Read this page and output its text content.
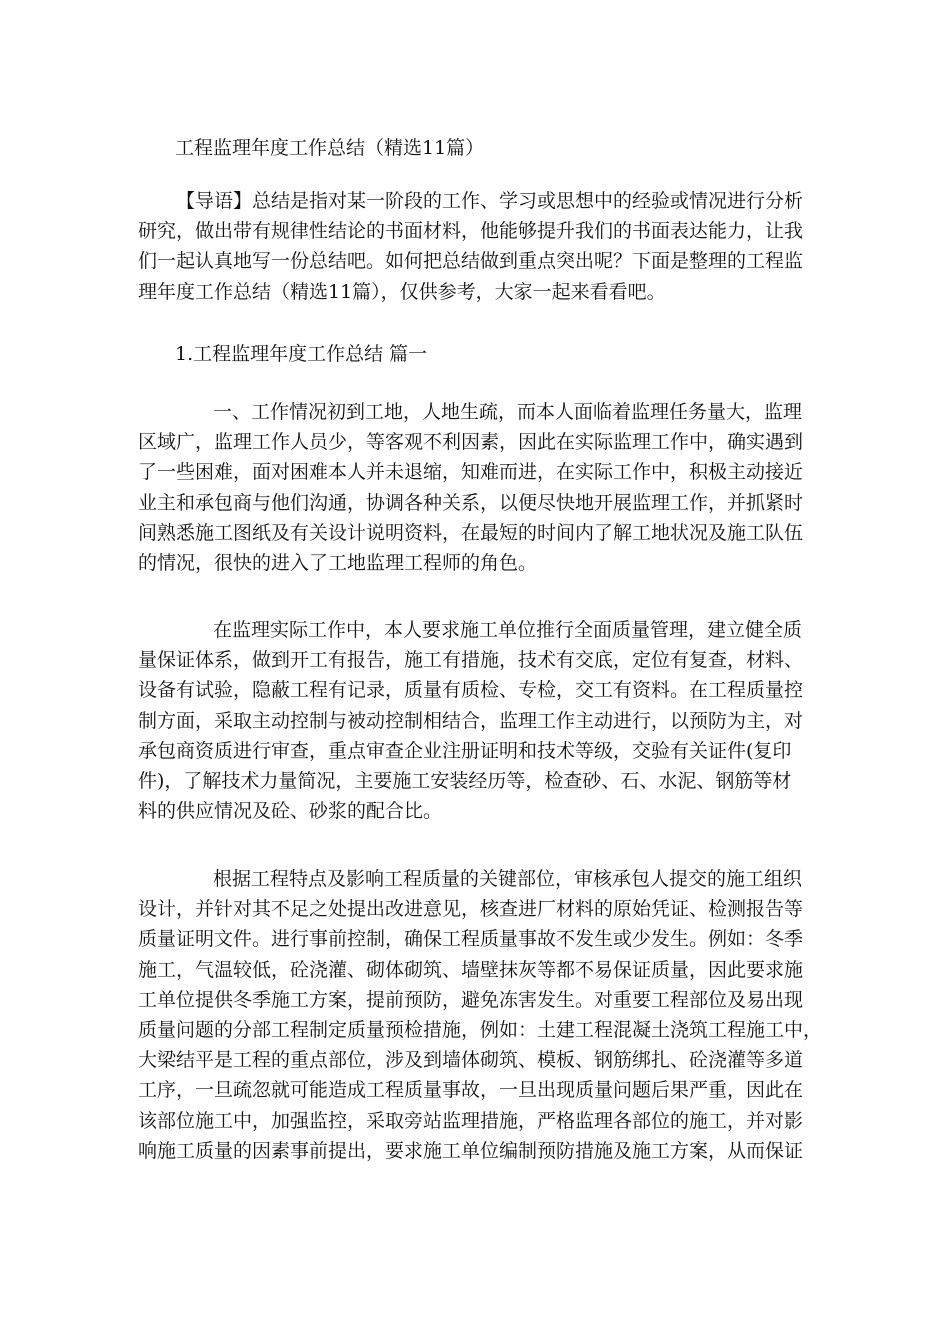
工程监理年度工作总结（精选11篇）

【导语】总结是指对某一阶段的工作、学习或思想中的经验或情况进行分析
研究，做出带有规律性结论的书面材料，他能够提升我们的书面表达能力，让我
们一起认真地写一份总结吧。如何把总结做到重点突出呢？下面是整理的工程监
理年度工作总结（精选11篇），仅供参考，大家一起来看看吧。

1.工程监理年度工作总结 篇一

一、工作情况初到工地，人地生疏，而本人面临着监理任务量大，监理
区域广，监理工作人员少，等客观不利因素，因此在实际监理工作中，确实遇到
了一些困难，面对困难本人并未退缩，知难而进，在实际工作中，积极主动接近
业主和承包商与他们沟通，协调各种关系，以便尽快地开展监理工作，并抓紧时
间熟悉施工图纸及有关设计说明资料，在最短的时间内了解工地状况及施工队伍
的情况，很快的进入了工地监理工程师的角色。

在监理实际工作中，本人要求施工单位推行全面质量管理，建立健全质
量保证体系，做到开工有报告，施工有措施，技术有交底，定位有复查，材料、
设备有试验，隐蔽工程有记录，质量有质检、专检，交工有资料。在工程质量控
制方面，采取主动控制与被动控制相结合，监理工作主动进行，以预防为主，对
承包商资质进行审查，重点审查企业注册证明和技术等级，交验有关证件(复印
件)，了解技术力量简况，主要施工安装经历等，检查砂、石、水泥、钢筋等材
料的供应情况及砼、砂浆的配合比。

根据工程特点及影响工程质量的关键部位，审核承包人提交的施工组织
设计，并针对其不足之处提出改进意见，核查进厂材料的原始凭证、检测报告等
质量证明文件。进行事前控制，确保工程质量事故不发生或少发生。例如：冬季
施工，气温较低，砼浇灌、砌体砌筑、墙壁抹灰等都不易保证质量，因此要求施
工单位提供冬季施工方案，提前预防，避免冻害发生。对重要工程部位及易出现
质量问题的分部工程制定质量预检措施，例如：土建工程混凝土浇筑工程施工中，
大梁结平是工程的重点部位，涉及到墙体砌筑、模板、钢筋绑扎、砼浇灌等多道
工序，一旦疏忽就可能造成工程质量事故，一旦出现质量问题后果严重，因此在
该部位施工中，加强监控，采取旁站监理措施，严格监理各部位的施工，并对影
响施工质量的因素事前提出，要求施工单位编制预防措施及施工方案，从而保证
